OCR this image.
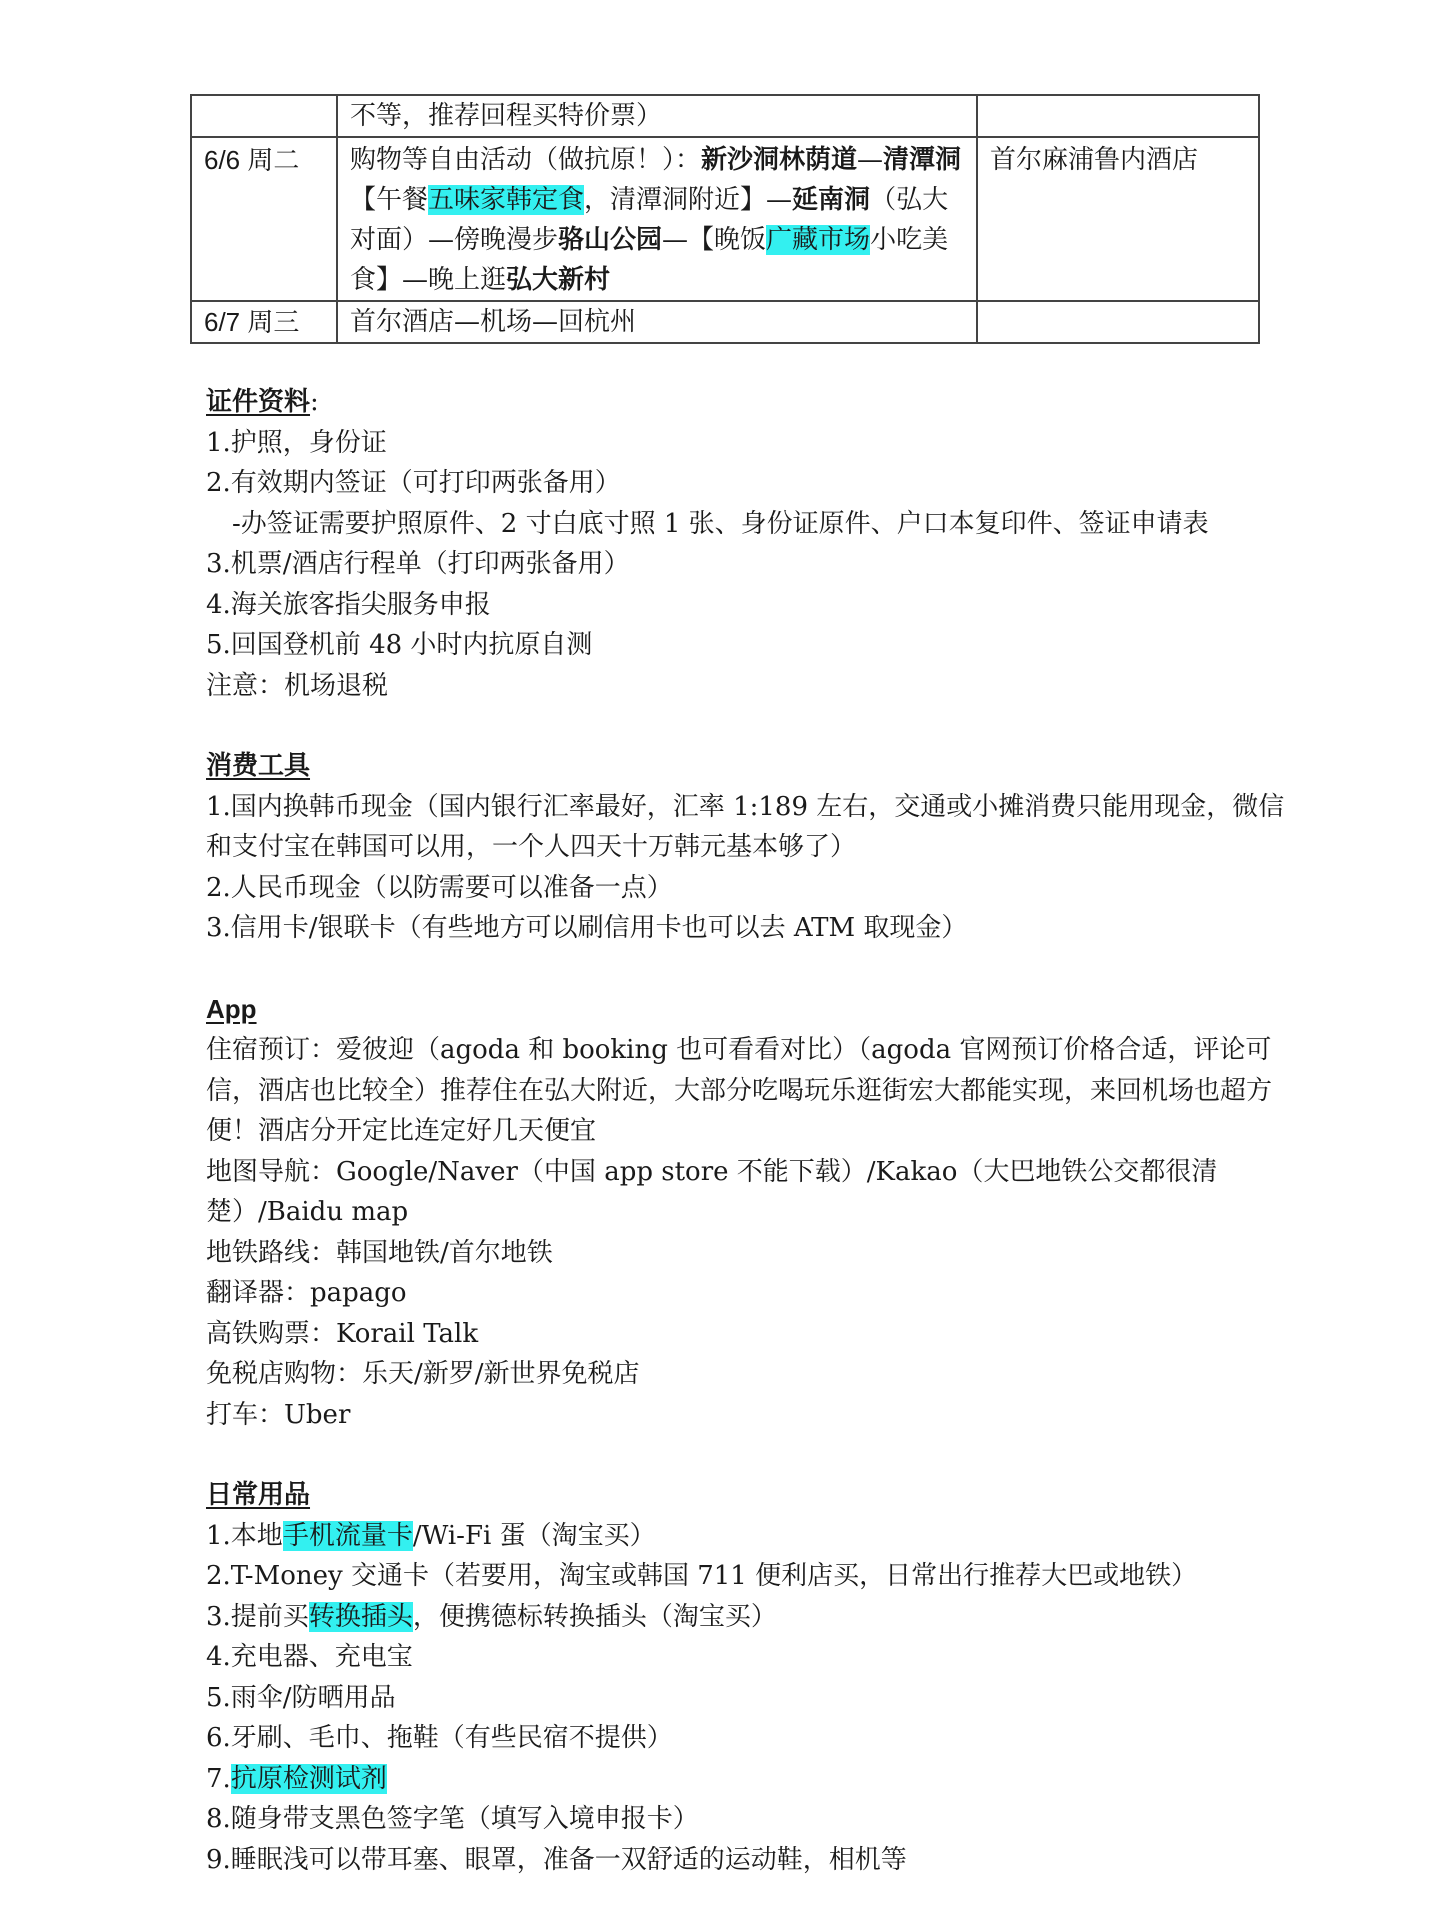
	不等，推荐回程买特价票）	
6/6 周二	购物等自由活动（做抗原！）：新沙洞林荫道—清潭洞【午餐五味家韩定食，清潭洞附近】—延南洞（弘大对面）—傍晚漫步骆山公园—【晚饭广藏市场小吃美食】—晚上逛弘大新村	首尔麻浦鲁内酒店
6/7 周三	首尔酒店—机场—回杭州	

证件资料:

1.护照，身份证

2.有效期内签证（可打印两张备用）

-办签证需要护照原件、2 寸白底寸照 1 张、身份证原件、户口本复印件、签证申请表

3.机票/酒店行程单（打印两张备用）

4.海关旅客指尖服务申报

5.回国登机前 48 小时内抗原自测

注意：机场退税

消费工具

1.国内换韩币现金（国内银行汇率最好，汇率 1:189 左右，交通或小摊消费只能用现金，微信和支付宝在韩国可以用，一个人四天十万韩元基本够了）

2.人民币现金（以防需要可以准备一点）

3.信用卡/银联卡（有些地方可以刷信用卡也可以去 ATM 取现金）

App

住宿预订：爱彼迎（agoda 和 booking 也可看看对比）（agoda 官网预订价格合适，评论可信，酒店也比较全）推荐住在弘大附近，大部分吃喝玩乐逛街宏大都能实现，来回机场也超方便！酒店分开定比连定好几天便宜

地图导航：Google/Naver（中国 app store 不能下载）/Kakao（大巴地铁公交都很清楚）/Baidu map

地铁路线：韩国地铁/首尔地铁

翻译器：papago

高铁购票：Korail Talk

免税店购物：乐天/新罗/新世界免税店

打车：Uber

日常用品

1.本地手机流量卡/Wi-Fi 蛋（淘宝买）

2.T-Money 交通卡（若要用，淘宝或韩国 711 便利店买，日常出行推荐大巴或地铁）

3.提前买转换插头，便携德标转换插头（淘宝买）

4.充电器、充电宝

5.雨伞/防晒用品

6.牙刷、毛巾、拖鞋（有些民宿不提供）

7.抗原检测试剂

8.随身带支黑色签字笔（填写入境申报卡）

9.睡眠浅可以带耳塞、眼罩，准备一双舒适的运动鞋，相机等
